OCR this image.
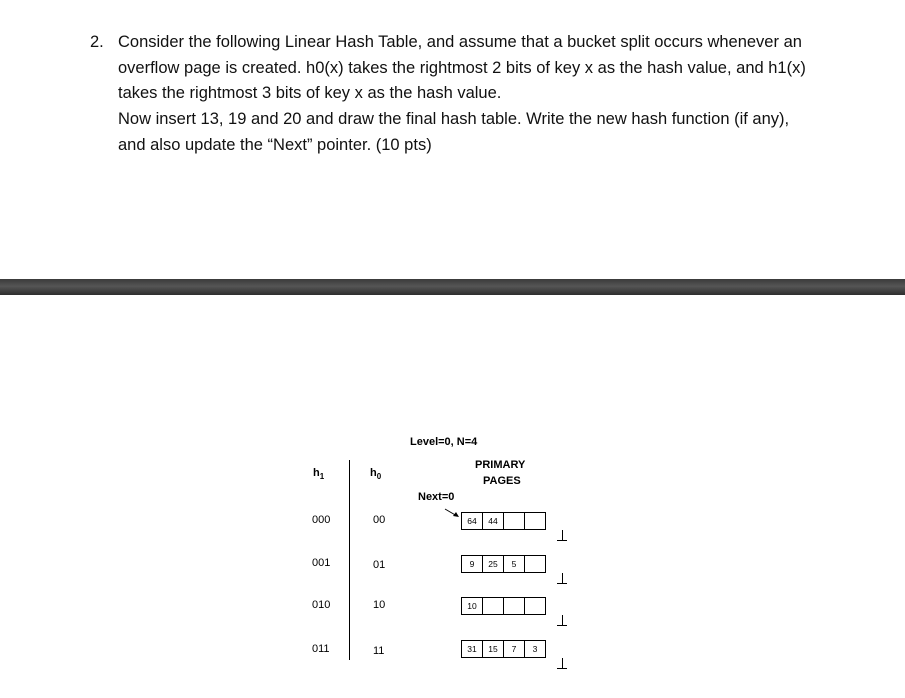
2. Consider the following Linear Hash Table, and assume that a bucket split occurs whenever an
overflow page is created. h0(x) takes the rightmost 2 bits of key x as the hash value, and h1(x)
takes the rightmost 3 bits of key x as the hash value.
Now insert 13, 19 and 20 and draw the final hash table. Write the new hash function (if any),
and also update the “Next” pointer. (10 pts)
Level=0, N=4
PRIMARY
PAGES
Next=0
$h_1$	$h_0$
000	00	64	44
001	01	9	25	5
010	10	10
011	11	31	15	7	3
